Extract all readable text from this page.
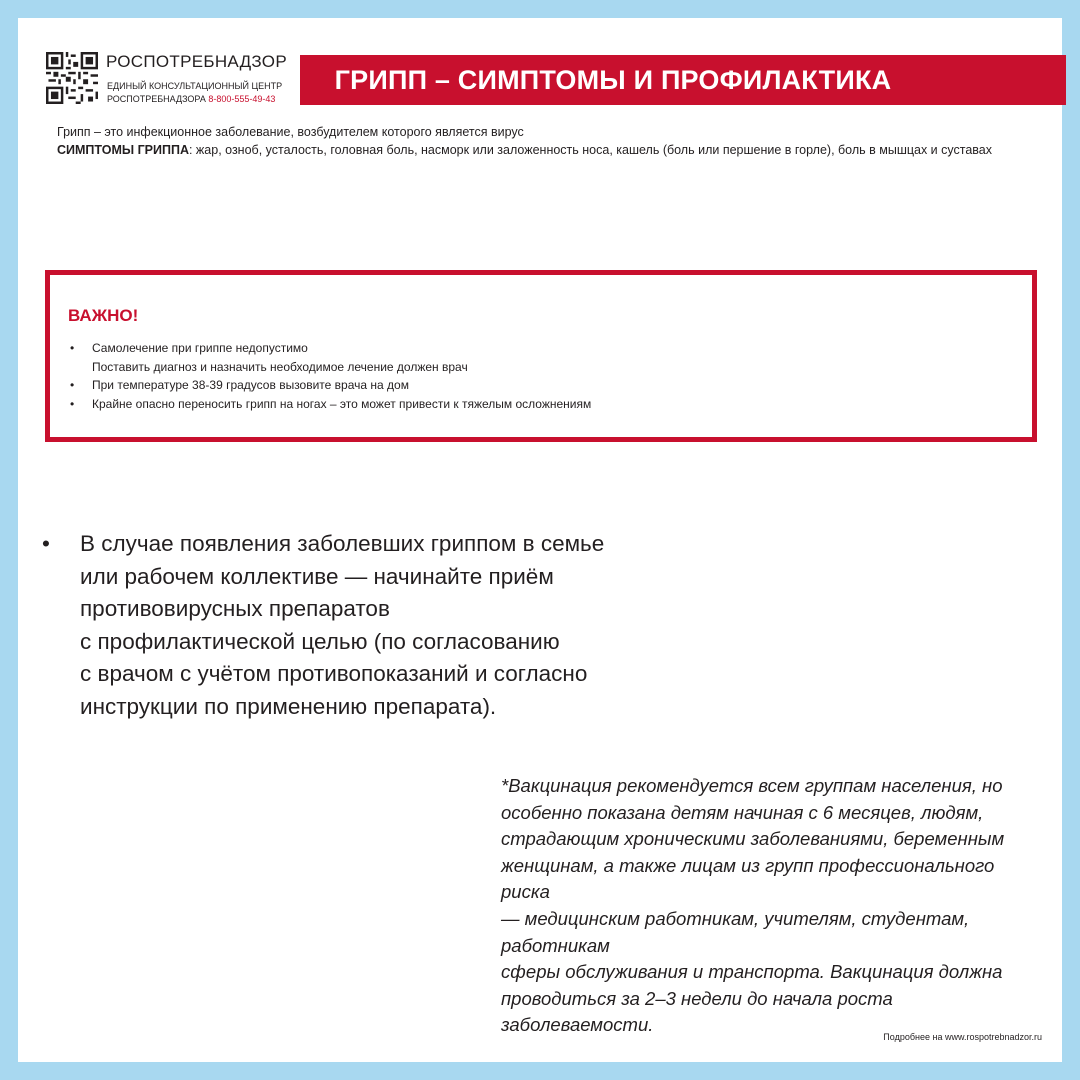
РОСПОТРЕБНАДЗОР
ЕДИНЫЙ КОНСУЛЬТАЦИОННЫЙ ЦЕНТР
РОСПОТРЕБНАДЗОРА 8-800-555-49-43
ГРИПП – СИМПТОМЫ И ПРОФИЛАКТИКА
Грипп – это инфекционное заболевание, возбудителем которого является вирус
СИМПТОМЫ ГРИППА: жар, озноб, усталость, головная боль, насморк или заложенность носа, кашель (боль или першение в горле), боль в мышцах и суставах
ВАЖНО!
• Самолечение при гриппе недопустимо
Поставить диагноз и назначить необходимое лечение должен врач
• При температуре 38-39 градусов вызовите врача на дом
• Крайне опасно переносить грипп на ногах – это может привести к тяжелым осложнениям
• В случае появления заболевших гриппом в семье
или рабочем коллективе — начинайте приём
противовирусных препаратов
с профилактической целью (по согласованию
с врачом с учётом противопоказаний и согласно
инструкции по применению препарата).
*Вакцинация рекомендуется всем группам населения, но
особенно показана детям начиная с 6 месяцев, людям,
страдающим хроническими заболеваниями, беременным
женщинам, а также лицам из групп профессионального риска
— медицинским работникам, учителям, студентам, работникам
сферы обслуживания и транспорта. Вакцинация должна
проводиться за 2–3 недели до начала роста заболеваемости.
Подробнее на www.rospotrebnadzor.ru
